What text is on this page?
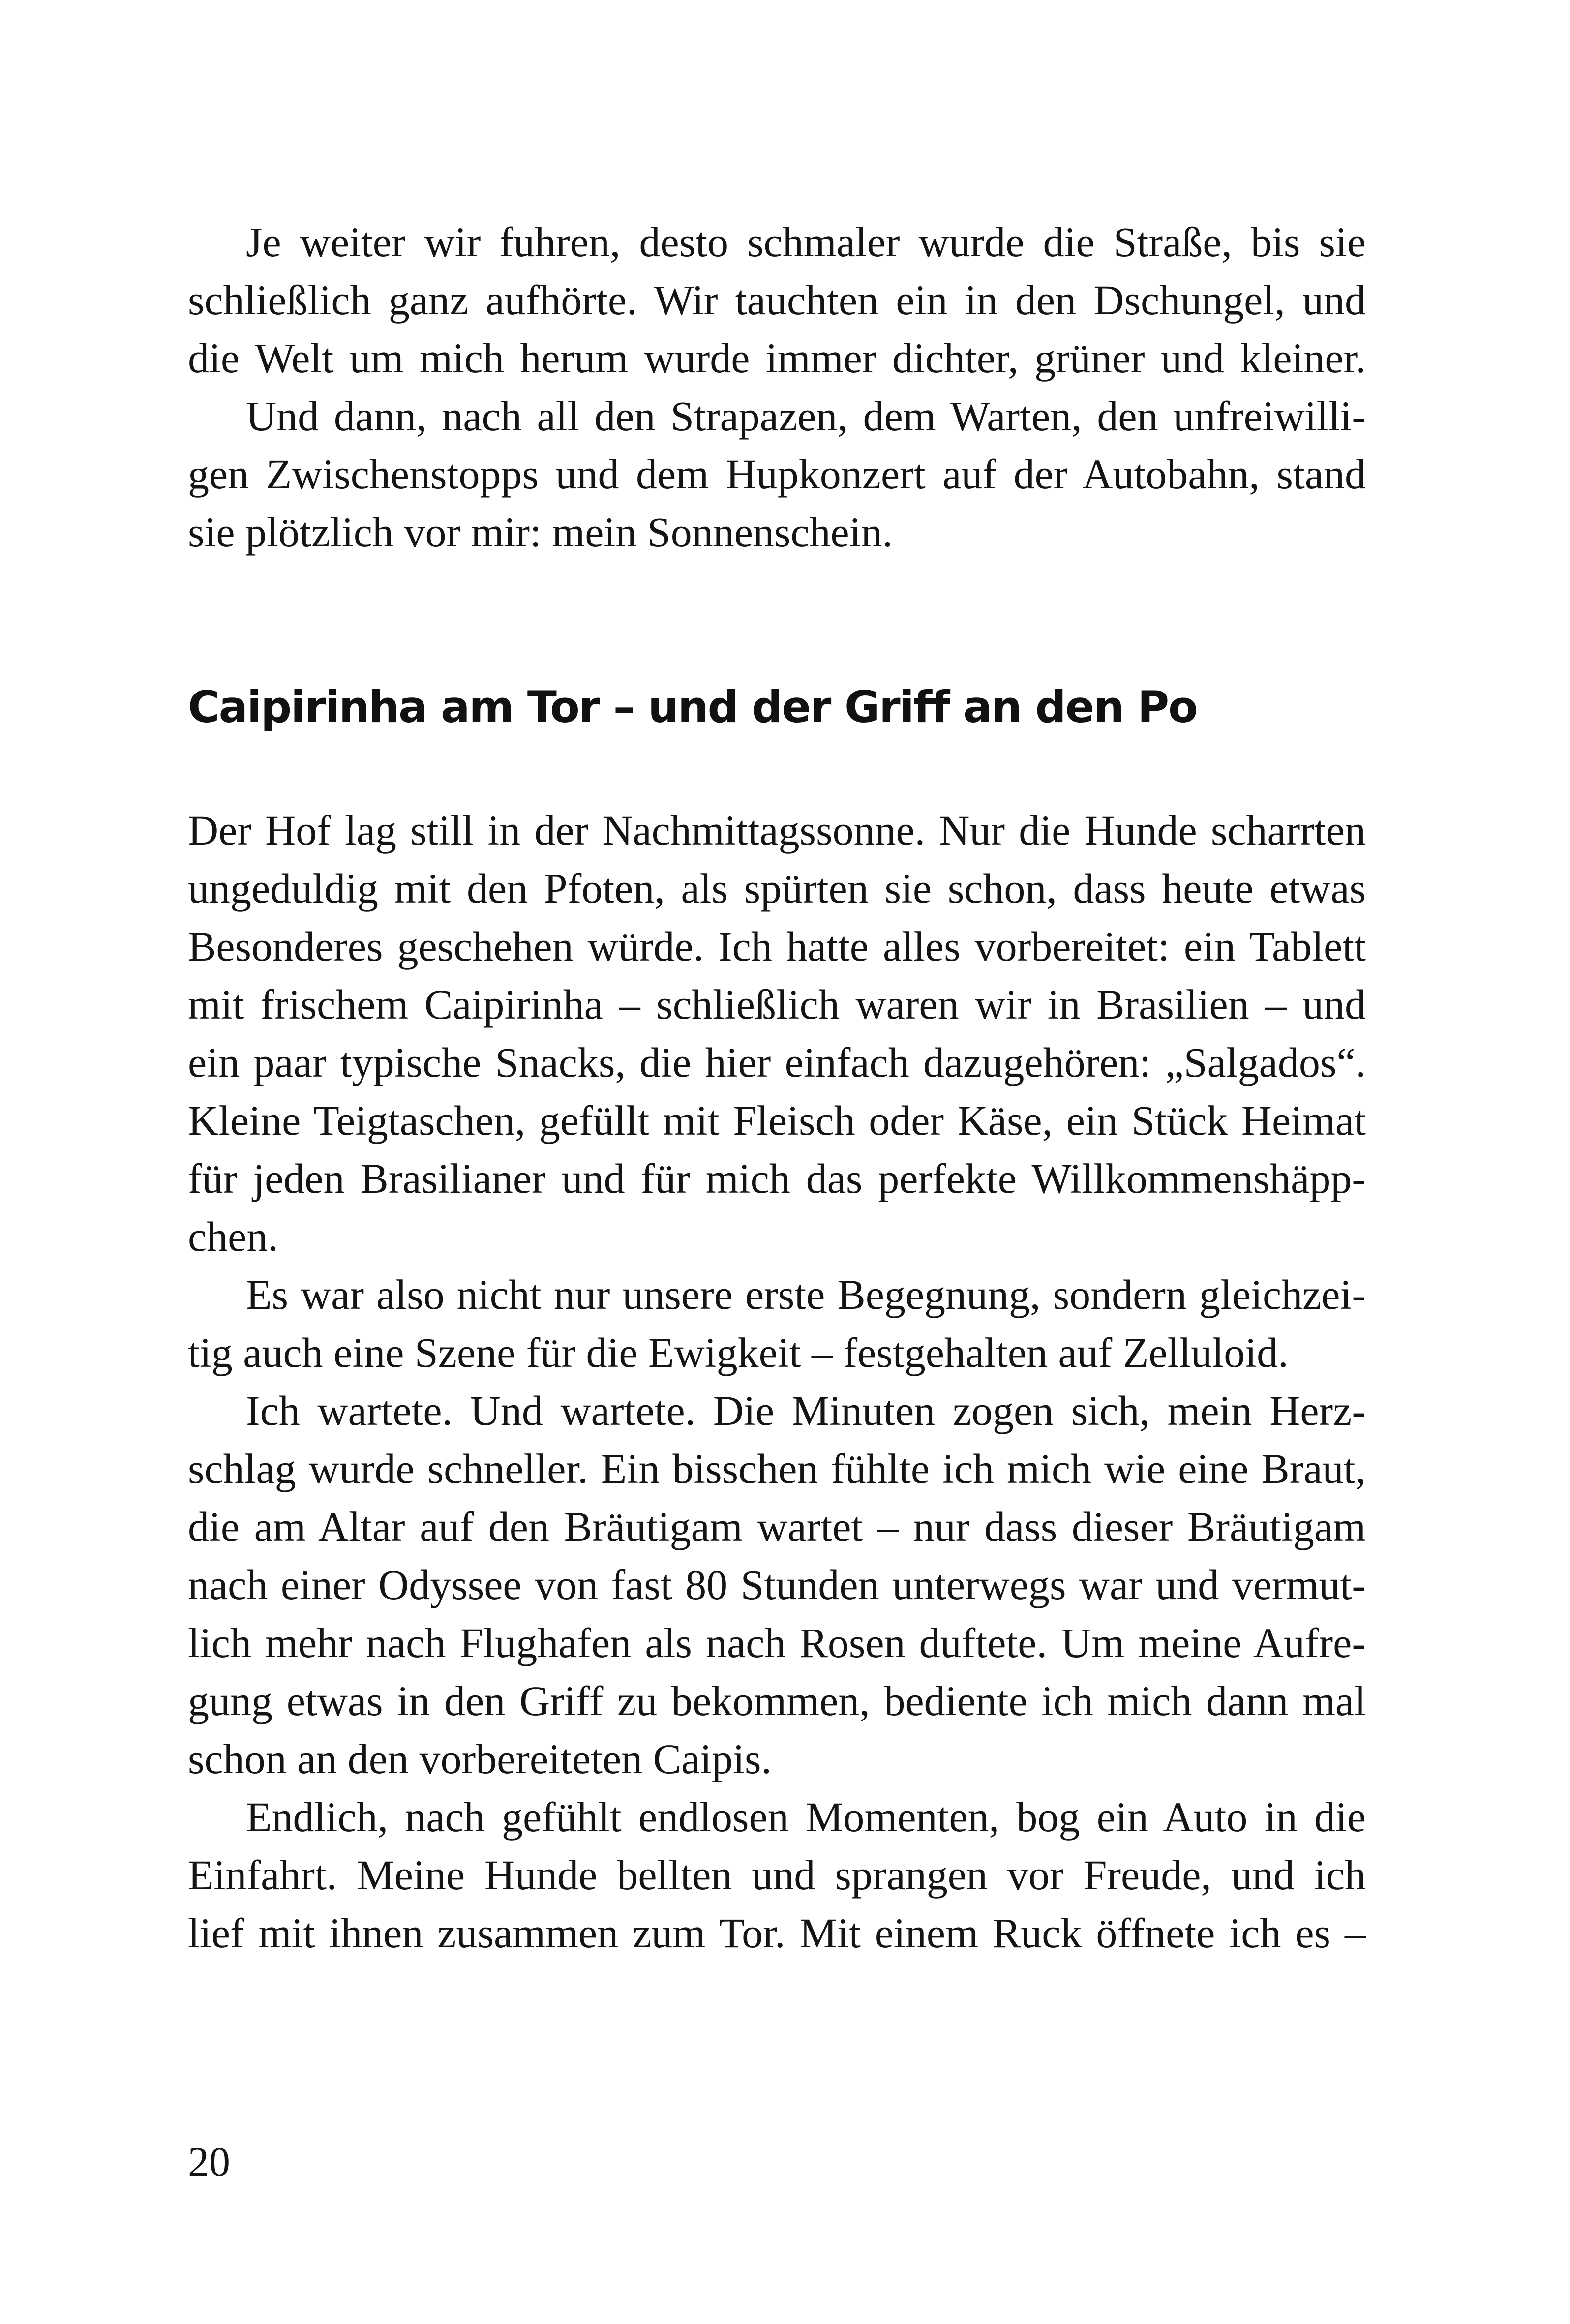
Je weiter wir fuhren, desto schmaler wurde die Straße, bis sie
schließlich ganz aufhörte. Wir tauchten ein in den Dschungel, und
die Welt um mich herum wurde immer dichter, grüner und kleiner.
Und dann, nach all den Strapazen, dem Warten, den unfreiwilli-
gen Zwischenstopps und dem Hupkonzert auf der Autobahn, stand
sie plötzlich vor mir: mein Sonnenschein.
Caipirinha am Tor – und der Griff an den Po
Der Hof lag still in der Nachmittagssonne. Nur die Hunde scharrten
ungeduldig mit den Pfoten, als spürten sie schon, dass heute etwas
Besonderes geschehen würde. Ich hatte alles vorbereitet: ein Tablett
mit frischem Caipirinha – schließlich waren wir in Brasilien – und
ein paar typische Snacks, die hier einfach dazugehören: „Salgados“.
Kleine Teigtaschen, gefüllt mit Fleisch oder Käse, ein Stück Heimat
für jeden Brasilianer und für mich das perfekte Willkommenshäpp-
chen.
Es war also nicht nur unsere erste Begegnung, sondern gleichzei-
tig auch eine Szene für die Ewigkeit – festgehalten auf Zelluloid.
Ich wartete. Und wartete. Die Minuten zogen sich, mein Herz-
schlag wurde schneller. Ein bisschen fühlte ich mich wie eine Braut,
die am Altar auf den Bräutigam wartet – nur dass dieser Bräutigam
nach einer Odyssee von fast 80 Stunden unterwegs war und vermut-
lich mehr nach Flughafen als nach Rosen duftete. Um meine Aufre-
gung etwas in den Griff zu bekommen, bediente ich mich dann mal
schon an den vorbereiteten Caipis.
Endlich, nach gefühlt endlosen Momenten, bog ein Auto in die
Einfahrt. Meine Hunde bellten und sprangen vor Freude, und ich
lief mit ihnen zusammen zum Tor. Mit einem Ruck öffnete ich es –
20
